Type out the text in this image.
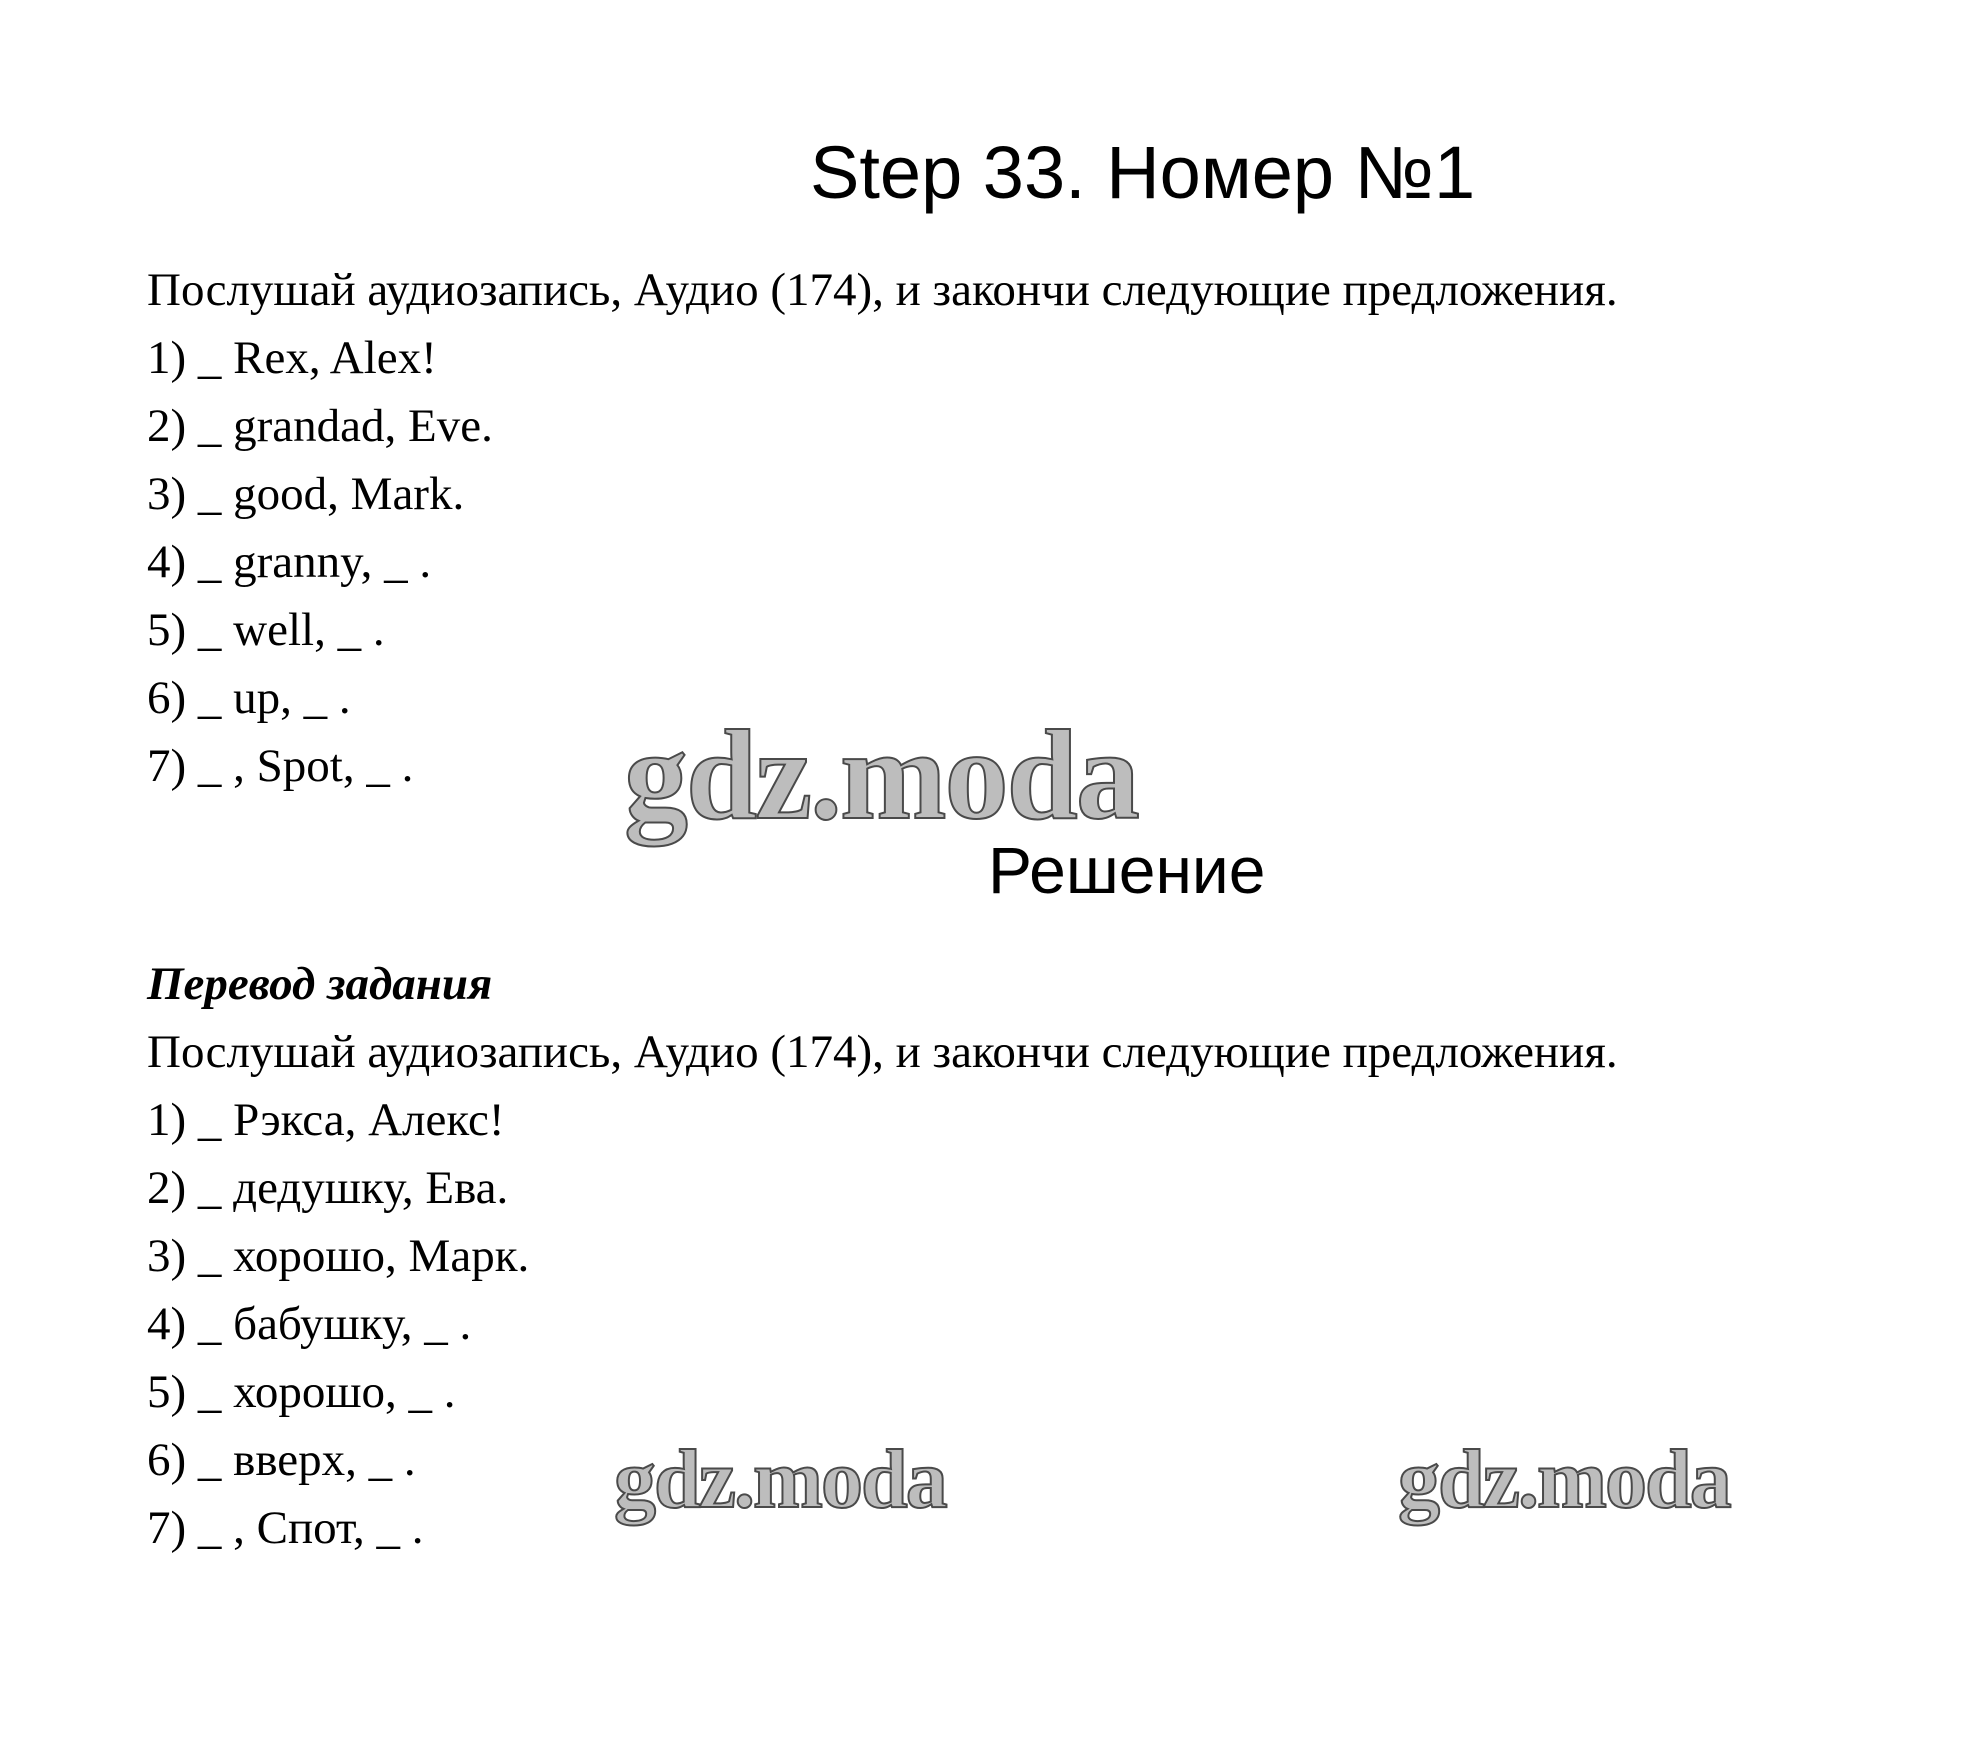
Step 33. Номер №1

Послушай аудиозапись, Аудио (174), и закончи следующие предложения.

1) _ Rex, Alex!

2) _ grandad, Eve.

3) _ good, Mark.

4) _ granny, _ .

5) _ well, _ .

6) _ up, _ .

7) _ , Spot, _ .

Решение

Перевод задания

Послушай аудиозапись, Аудио (174), и закончи следующие предложения.

1) _ Рэкса, Алекс!

2) _ дедушку, Ева.

3) _ хорошо, Марк.

4) _ бабушку, _ .

5) _ хорошо, _ .

6) _ вверх, _ .

7) _ , Спот, _ .

gdz.moda
gdz.moda	gdz.moda
